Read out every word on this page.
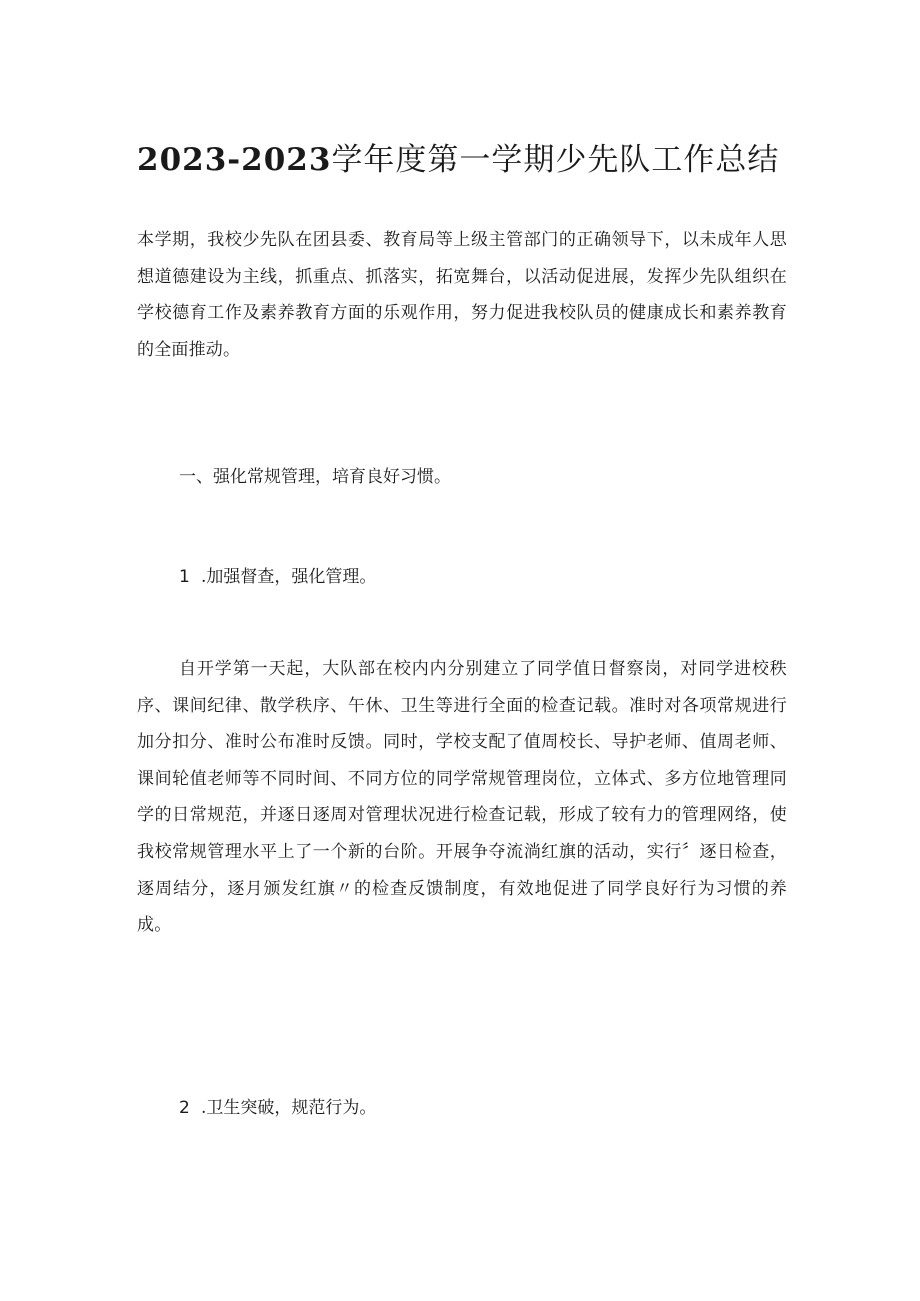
2023-2023学年度第一学期少先队工作总结

本学期，我校少先队在团县委、教育局等上级主管部门的正确领导下，以未成年人思想道德建设为主线，抓重点、抓落实，拓宽舞台，以活动促进展，发挥少先队组织在学校德育工作及素养教育方面的乐观作用，努力促进我校队员的健康成长和素养教育的全面推动。

一、强化常规管理，培育良好习惯。

1 .加强督查，强化管理。

自开学第一天起，大队部在校内内分别建立了同学值日督察岗，对同学进校秩序、课间纪律、散学秩序、午休、卫生等进行全面的检查记载。准时对各项常规进行加分扣分、准时公布准时反馈。同时，学校支配了值周校长、导护老师、值周老师、课间轮值老师等不同时间、不同方位的同学常规管理岗位，立体式、多方位地管理同学的日常规范，并逐日逐周对管理状况进行检查记载，形成了较有力的管理网络，使我校常规管理水平上了一个新的台阶。开展争夺流淌红旗的活动，实行〞逐日检查，逐周结分，逐月颁发红旗〃的检查反馈制度，有效地促进了同学良好行为习惯的养成。

2 .卫生突破，规范行为。
